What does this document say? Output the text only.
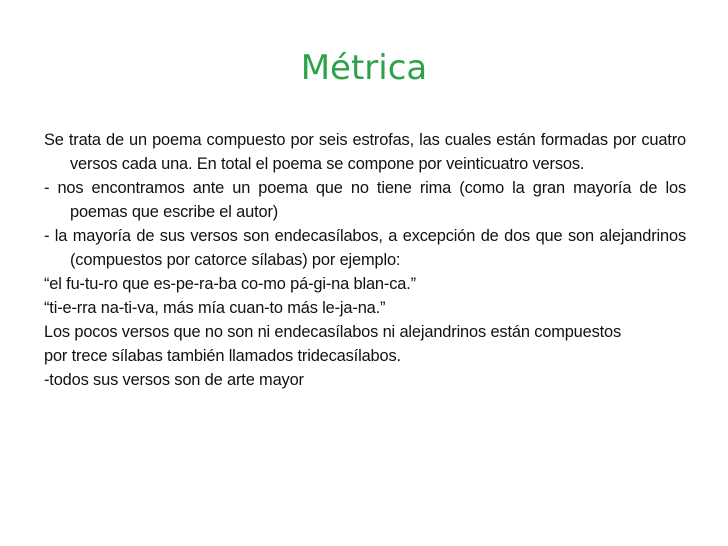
Métrica

Se trata de un poema compuesto por seis estrofas, las cuales están formadas por cuatro versos cada una. En total el poema se compone por veinticuatro versos.

- nos encontramos ante un poema que no tiene rima (como la gran mayoría de los poemas que escribe el autor)

- la mayoría de sus versos son endecasílabos, a excepción de dos que son alejandrinos (compuestos por catorce sílabas) por ejemplo:

“el fu-tu-ro que es-pe-ra-ba co-mo pá-gi-na blan-ca.”

“ti-e-rra na-ti-va, más mía cuan-to más le-ja-na.”

Los pocos versos que no son ni endecasílabos ni alejandrinos están compuestos

por trece sílabas también llamados tridecasílabos.

-todos sus versos son de arte mayor
